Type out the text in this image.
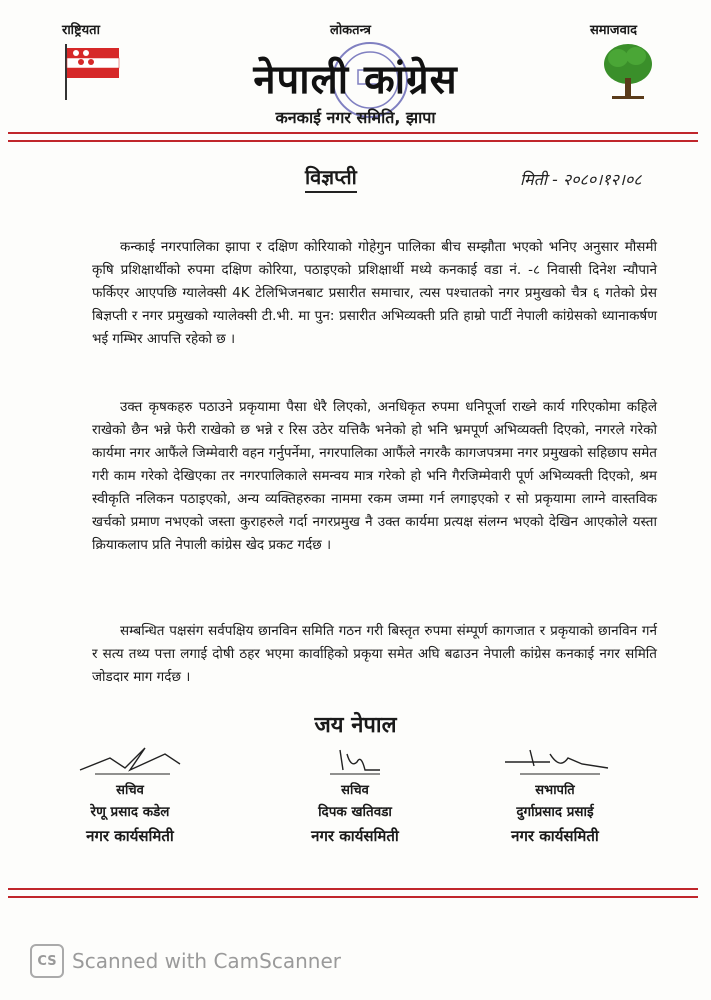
राष्ट्रियता	लोकतन्त्र	समाजवाद
नेपाली कांग्रेस
कनकाई नगर समिति, झापा
विज्ञप्ती	मिती - २०८०।१२।०८
कन्काई नगरपालिका झापा र दक्षिण कोरियाको गोहेगुन पालिका बीच सम्झौता भएको भनिए अनुसार मौसमी कृषि प्रशिक्षार्थीको रुपमा दक्षिण कोरिया, पठाइएको प्रशिक्षार्थी मध्ये कनकाई वडा नं. -८ निवासी दिनेश न्यौपाने फर्किएर आएपछि ग्यालेक्सी 4K टेलिभिजनबाट प्रसारीत समाचार, त्यस पश्चातको नगर प्रमुखको चैत्र ६ गतेको प्रेस बिज्ञप्ती र नगर प्रमुखको ग्यालेक्सी टी.भी. मा पुन: प्रसारीत अभिव्यक्ती प्रति हाम्रो पार्टी नेपाली कांग्रेसको ध्यानाकर्षण भई गम्भिर आपत्ति रहेको छ ।
उक्त कृषकहरु पठाउने प्रकृयामा पैसा धेरै लिएको, अनधिकृत रुपमा धनिपूर्जा राख्ने कार्य गरिएकोमा कहिले राखेको छैन भन्ने फेरी राखेको छ भन्ने र रिस उठेर यत्तिकै भनेको हो भनि भ्रमपूर्ण अभिव्यक्ती दिएको, नगरले गरेको कार्यमा नगर आफैंले जिम्मेवारी वहन गर्नुपर्नेमा, नगरपालिका आफैंले नगरकै कागजपत्रमा नगर प्रमुखको सहिछाप समेत गरी काम गरेको देखिएका तर नगरपालिकाले समन्वय मात्र गरेको हो भनि गैरजिम्मेवारी पूर्ण अभिव्यक्ती दिएको, श्रम स्वीकृति नलिकन पठाइएको, अन्य व्यक्तिहरुका नाममा रकम जम्मा गर्न लगाइएको र सो प्रकृयामा लाग्ने वास्तविक खर्चको प्रमाण नभएको जस्ता कुराहरुले गर्दा नगरप्रमुख नै उक्त कार्यमा प्रत्यक्ष संलग्न भएको देखिन आएकोले यस्ता क्रियाकलाप प्रति नेपाली कांग्रेस खेद प्रकट गर्दछ ।
सम्बन्धित पक्षसंग सर्वपक्षिय छानविन समिति गठन गरी बिस्तृत रुपमा संम्पूर्ण कागजात र प्रकृयाको छानविन गर्न र सत्य तथ्य पत्ता लगाई दोषी ठहर भएमा कार्वाहिको प्रकृया समेत अघि बढाउन नेपाली कांग्रेस कनकाई नगर समिति जोडदार माग गर्दछ ।
जय नेपाल
सचिव
रेणू प्रसाद कडेल
नगर कार्यसमिती
सचिव
दिपक खतिवडा
नगर कार्यसमिती
सभापति
दुर्गाप्रसाद प्रसाई
नगर कार्यसमिती
CS Scanned with CamScanner
